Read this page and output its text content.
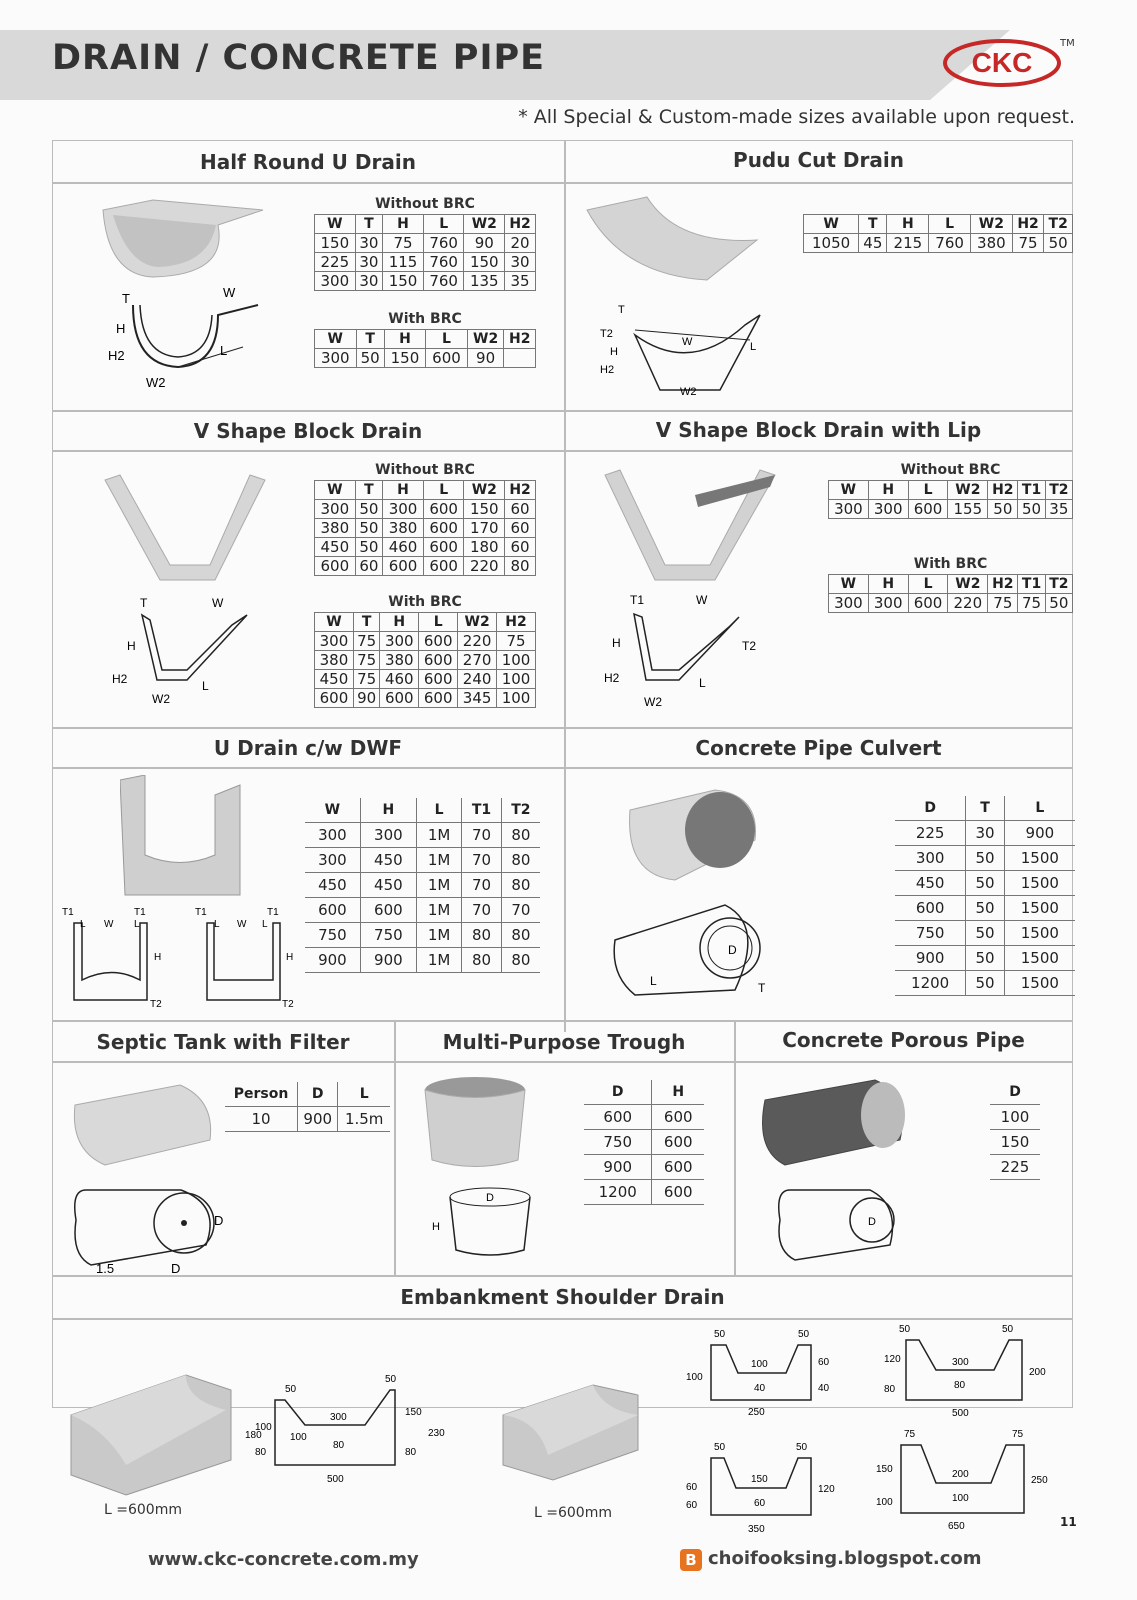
DRAIN / CONCRETE PIPE	CKC
TM
* All Special & Custom-made sizes available upon request.
Half Round U Drain
W
T
H
H2
W2
L
Without BRC
W	T	H	L	W2	H2
150	30	75	760	90	20
225	30	115	760	150	30
300	30	150	760	135	35
With BRC
W	T	H	L	W2	H2
300	50	150	600	90	
Pudu Cut Drain
T
T2
W
H
H2
W2
L
W	T	H	L	W2	H2	T2
1050	45	215	760	380	75	50
V Shape Block Drain
T	W
H
H2
W2
L
Without BRC
W	T	H	L	W2	H2
300	50	300	600	150	60
380	50	380	600	170	60
450	50	460	600	180	60
600	60	600	600	220	80
With BRC
W	T	H	L	W2	H2
300	75	300	600	220	75
380	75	380	600	270	100
450	75	460	600	240	100
600	90	600	600	345	100
V Shape Block Drain with Lip
T1	W
H
H2
W2
T2
L
Without BRC
W	H	L	W2	H2	T1	T2
300	300	600	155	50	50	35
With BRC
W	H	L	W2	H2	T1	T2
300	300	600	220	75	75	50
U Drain c/w DWF
T1
L W L
T1
H
T2
T1
L W L
T1
H
T2
W	H	L	T1	T2
300	300	1M	70	80
300	450	1M	70	80
450	450	1M	70	80
600	600	1M	70	70
750	750	1M	80	80
900	900	1M	80	80
Concrete Pipe Culvert
D
L	T
D	T	L
225	30	900
300	50	1500
450	50	1500
600	50	1500
750	50	1500
900	50	1500
1200	50	1500
Septic Tank with Filter
D
1.5	D
Person	D	L
10	900	1.5m
Multi-Purpose Trough
D
H
D	H
600	600
750	600
900	600
1200	600
Concrete Porous Pipe
D
D
100
150
225
Embankment Shoulder Drain
L =600mm
50
50
300
180
100
80
100
80
150
80
230
500
L =600mm
50	50
100
100
40
60
40
250
50	50
300
120
80	80
200
500
50	50
150
60
60	60
120
350
75	75
200
150
100	100
250
650	11
www.ckc-concrete.com.my	B choifooksing.blogspot.com
